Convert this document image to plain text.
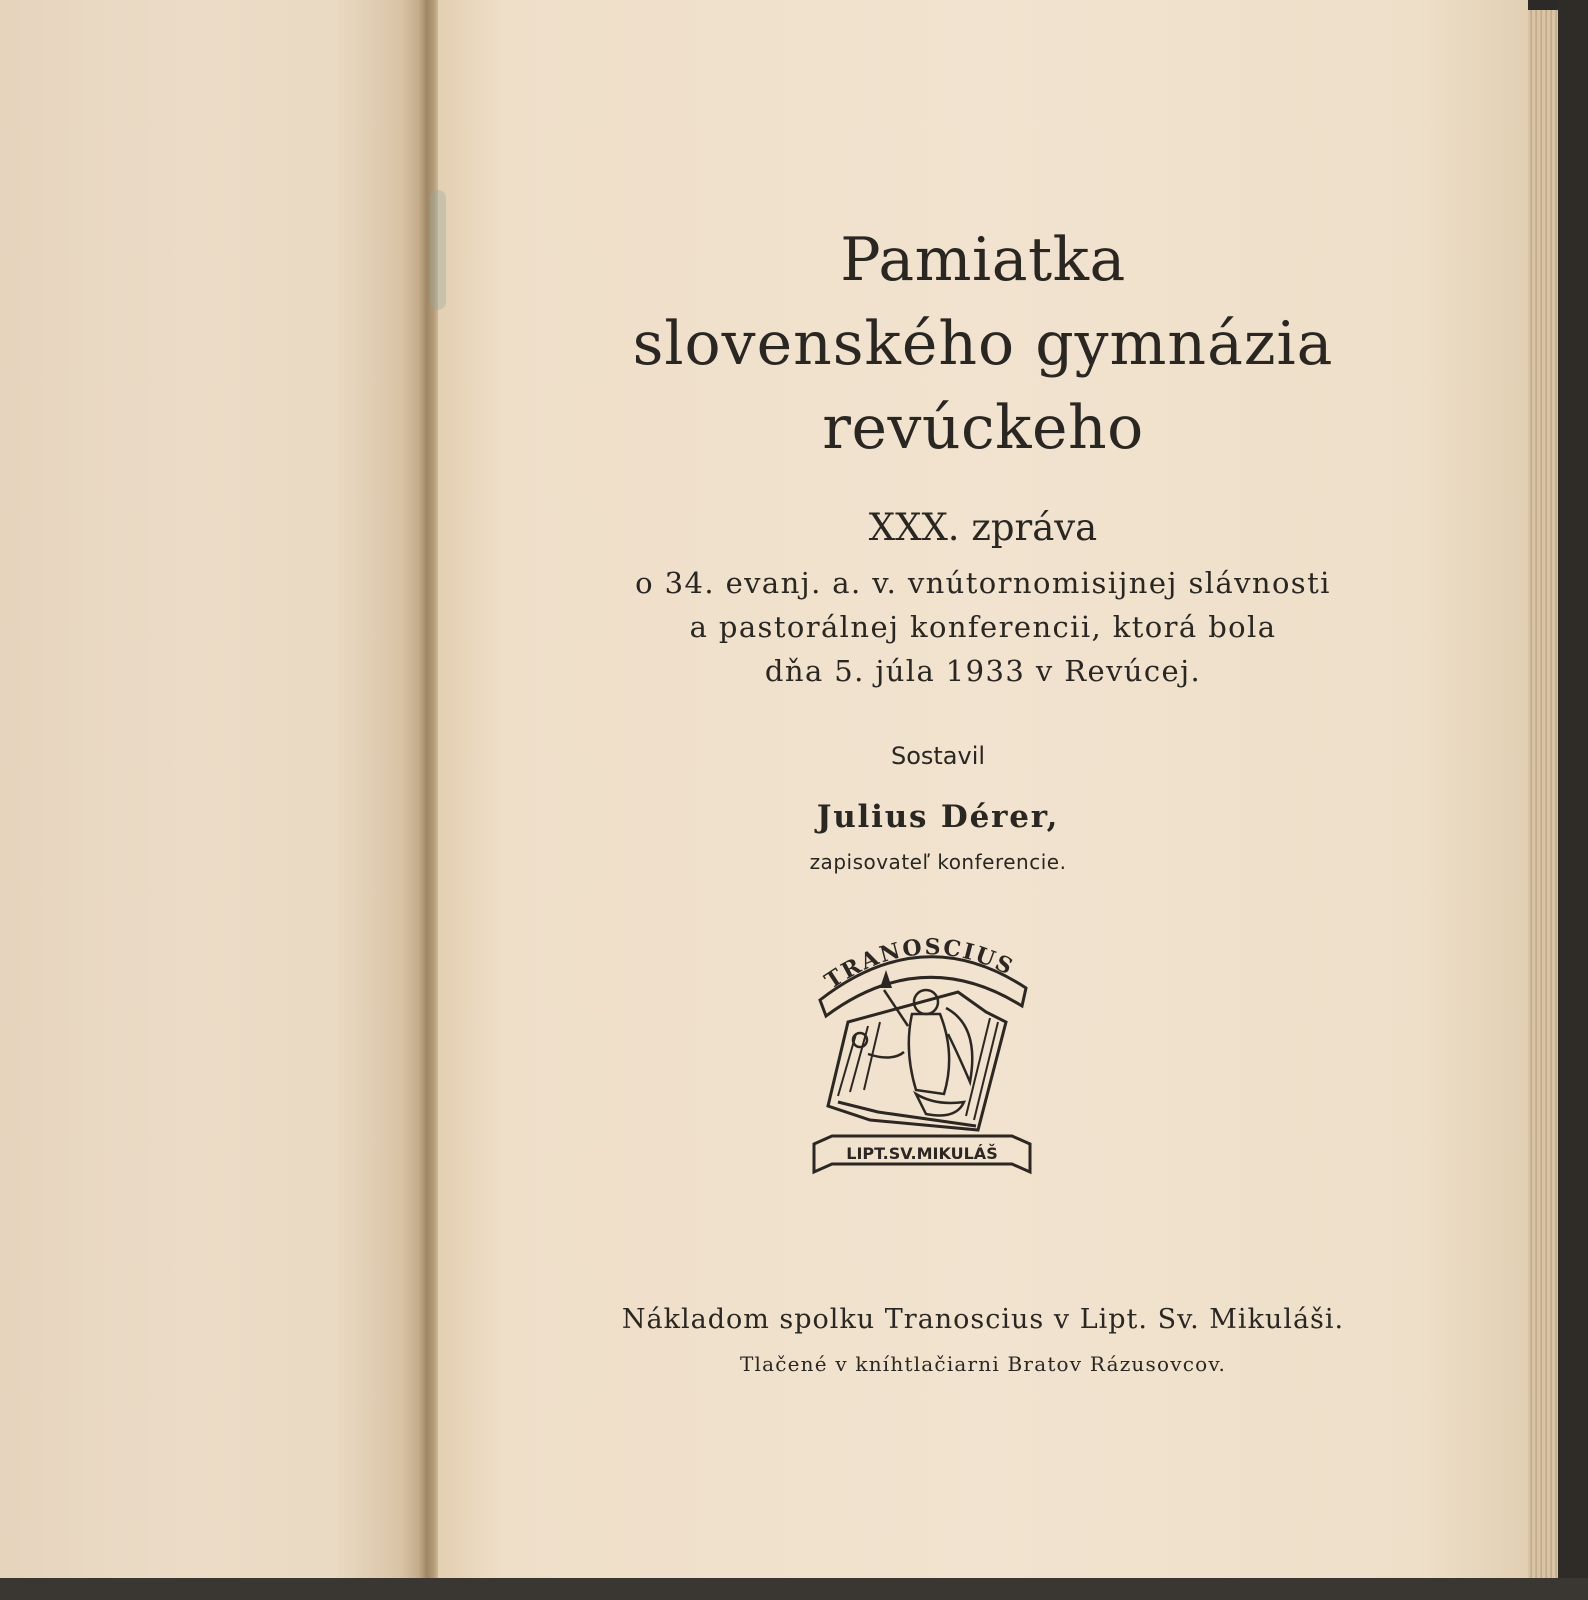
Pamiatka
slovenského gymnázia
revúckeho
XXX. zpráva
o 34. evanj. a. v. vnútornomisijnej slávnosti
a pastorálnej konferencii, ktorá bola
dňa 5. júla 1933 v Revúcej.
Sostavil
Julius Dérer,
zapisovateľ konferencie.
TRANOSCIUS
LIPT.SV.MIKULÁŠ
Nákladom spolku Tranoscius v Lipt. Sv. Mikuláši.
Tlačené v kníhtlačiarni Bratov Rázusovcov.
